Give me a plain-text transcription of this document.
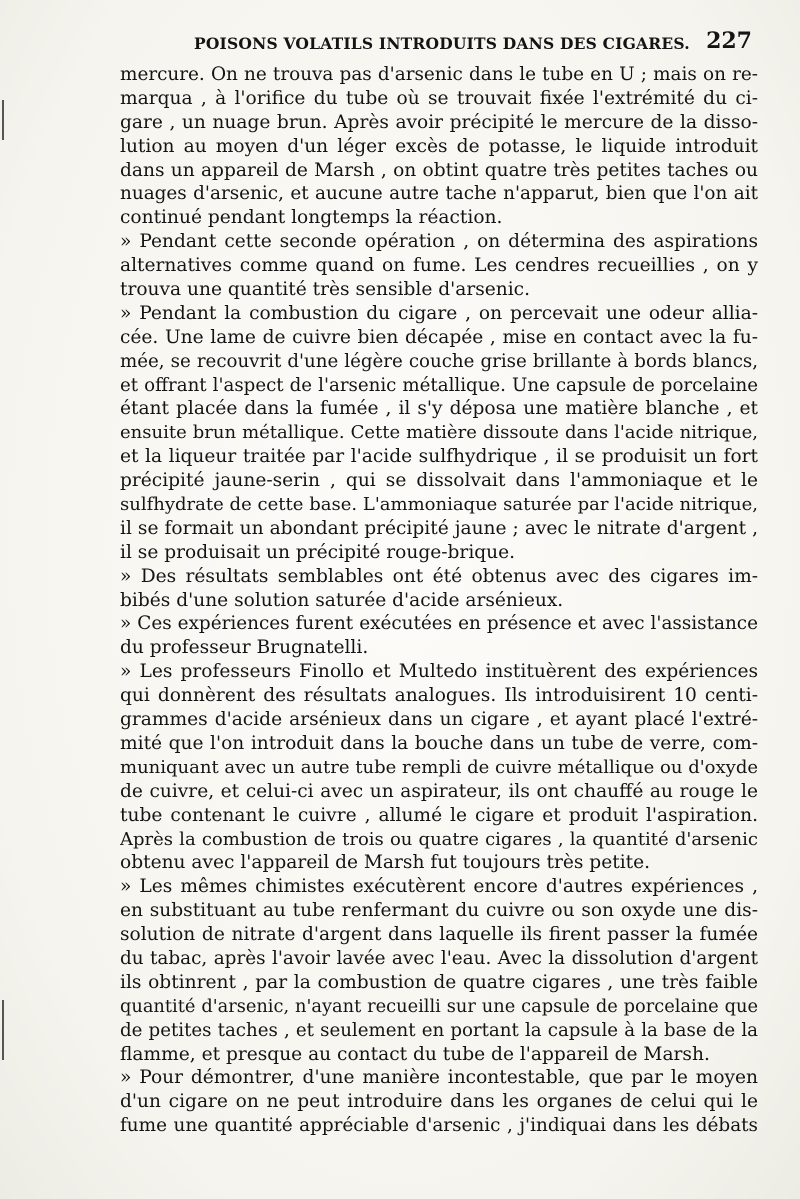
POISONS VOLATILS INTRODUITS DANS DES CIGARES. 227
mercure. On ne trouva pas d'arsenic dans le tube en U ; mais on re-
marqua , à l'orifice du tube où se trouvait fixée l'extrémité du ci-
gare , un nuage brun. Après avoir précipité le mercure de la disso-
lution au moyen d'un léger excès de potasse, le liquide introduit
dans un appareil de Marsh , on obtint quatre très petites taches ou
nuages d'arsenic, et aucune autre tache n'apparut, bien que l'on ait
continué pendant longtemps la réaction.
» Pendant cette seconde opération , on détermina des aspirations
alternatives comme quand on fume. Les cendres recueillies , on y
trouva une quantité très sensible d'arsenic.
» Pendant la combustion du cigare , on percevait une odeur allia-
cée. Une lame de cuivre bien décapée , mise en contact avec la fu-
mée, se recouvrit d'une légère couche grise brillante à bords blancs,
et offrant l'aspect de l'arsenic métallique. Une capsule de porcelaine
étant placée dans la fumée , il s'y déposa une matière blanche , et
ensuite brun métallique. Cette matière dissoute dans l'acide nitrique,
et la liqueur traitée par l'acide sulfhydrique , il se produisit un fort
précipité jaune-serin , qui se dissolvait dans l'ammoniaque et le
sulfhydrate de cette base. L'ammoniaque saturée par l'acide nitrique,
il se formait un abondant précipité jaune ; avec le nitrate d'argent ,
il se produisait un précipité rouge-brique.
» Des résultats semblables ont été obtenus avec des cigares im-
bibés d'une solution saturée d'acide arsénieux.
» Ces expériences furent exécutées en présence et avec l'assistance
du professeur Brugnatelli.
» Les professeurs Finollo et Multedo instituèrent des expériences
qui donnèrent des résultats analogues. Ils introduisirent 10 centi-
grammes d'acide arsénieux dans un cigare , et ayant placé l'extré-
mité que l'on introduit dans la bouche dans un tube de verre, com-
muniquant avec un autre tube rempli de cuivre métallique ou d'oxyde
de cuivre, et celui-ci avec un aspirateur, ils ont chauffé au rouge le
tube contenant le cuivre , allumé le cigare et produit l'aspiration.
Après la combustion de trois ou quatre cigares , la quantité d'arsenic
obtenu avec l'appareil de Marsh fut toujours très petite.
» Les mêmes chimistes exécutèrent encore d'autres expériences ,
en substituant au tube renfermant du cuivre ou son oxyde une dis-
solution de nitrate d'argent dans laquelle ils firent passer la fumée
du tabac, après l'avoir lavée avec l'eau. Avec la dissolution d'argent
ils obtinrent , par la combustion de quatre cigares , une très faible
quantité d'arsenic, n'ayant recueilli sur une capsule de porcelaine que
de petites taches , et seulement en portant la capsule à la base de la
flamme, et presque au contact du tube de l'appareil de Marsh.
» Pour démontrer, d'une manière incontestable, que par le moyen
d'un cigare on ne peut introduire dans les organes de celui qui le
fume une quantité appréciable d'arsenic , j'indiquai dans les débats
